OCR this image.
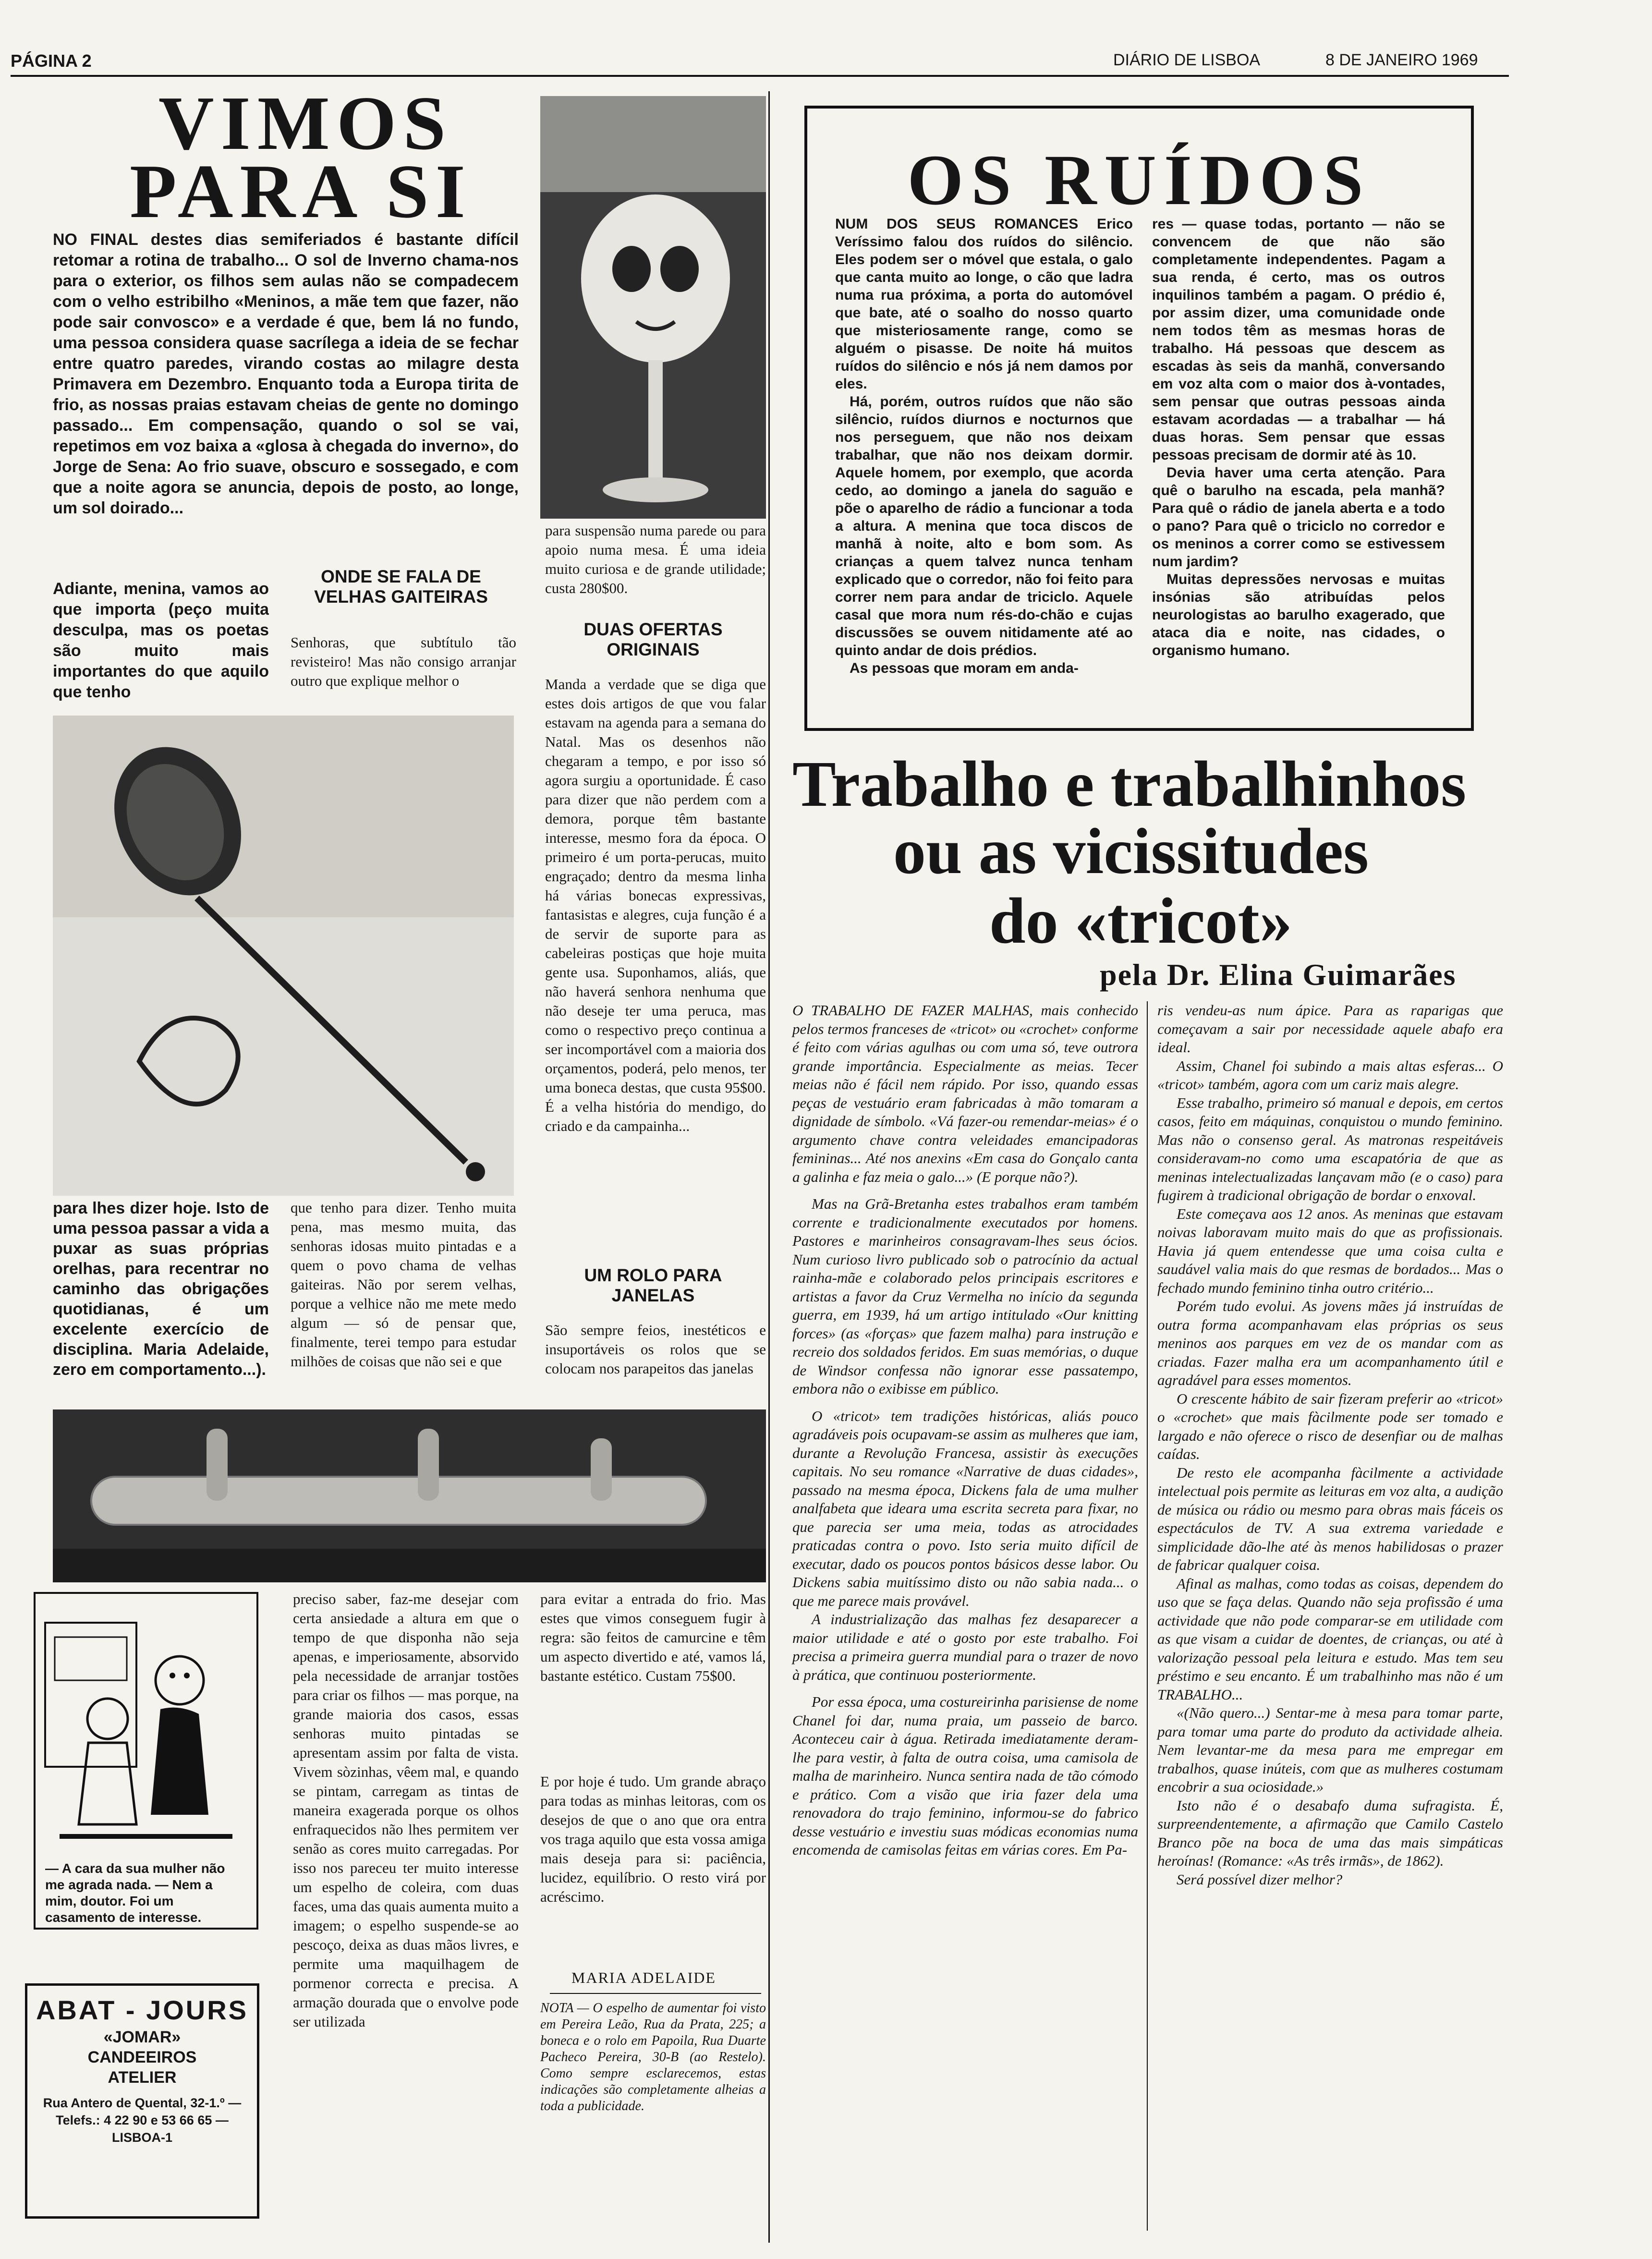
PÁGINA 2	DIÁRIO DE LISBOA	8 DE JANEIRO 1969
VIMOS
PARA SI
NO FINAL destes dias semiferiados é bastante difícil retomar a rotina de trabalho... O sol de Inverno chama-nos para o exterior, os filhos sem aulas não se compadecem com o velho estribilho «Meninos, a mãe tem que fazer, não pode sair convosco» e a verdade é que, bem lá no fundo, uma pessoa considera quase sacrílega a ideia de se fechar entre quatro paredes, virando costas ao milagre desta Primavera em Dezembro. Enquanto toda a Europa tirita de frio, as nossas praias estavam cheias de gente no domingo passado... Em compensação, quando o sol se vai, repetimos em voz baixa a «glosa à chegada do inverno», do Jorge de Sena: Ao frio suave, obscuro e sossegado, e com que a noite agora se anuncia, depois de posto, ao longe, um sol doirado...
Adiante, menina, vamos ao que importa (peço muita desculpa, mas os poetas são muito mais importantes do que aquilo que tenho
ONDE SE FALA DE VELHAS GAITEIRAS
Senhoras, que subtítulo tão revisteiro! Mas não consigo arranjar outro que explique melhor o
para lhes dizer hoje. Isto de uma pessoa passar a vida a puxar as suas próprias orelhas, para recentrar no caminho das obrigações quotidianas, é um excelente exercício de disciplina. Maria Adelaide, zero em comportamento...).
que tenho para dizer. Tenho muita pena, mas mesmo muita, das senhoras idosas muito pintadas e a quem o povo chama de velhas gaiteiras. Não por serem velhas, porque a velhice não me mete medo algum — só de pensar que, finalmente, terei tempo para estudar milhões de coisas que não sei e que
para suspensão numa parede ou para apoio numa mesa. É uma ideia muito curiosa e de grande utilidade; custa 280$00.
DUAS OFERTAS ORIGINAIS
Manda a verdade que se diga que estes dois artigos de que vou falar estavam na agenda para a semana do Natal. Mas os desenhos não chegaram a tempo, e por isso só agora surgiu a oportunidade. É caso para dizer que não perdem com a demora, porque têm bastante interesse, mesmo fora da época. O primeiro é um porta-perucas, muito engraçado; dentro da mesma linha há várias bonecas expressivas, fantasistas e alegres, cuja função é a de servir de suporte para as cabeleiras postiças que hoje muita gente usa. Suponhamos, aliás, que não haverá senhora nenhuma que não deseje ter uma peruca, mas como o respectivo preço continua a ser incomportável com a maioria dos orçamentos, poderá, pelo menos, ter uma boneca destas, que custa 95$00. É a velha história do mendigo, do criado e da campainha...
UM ROLO PARA JANELAS
São sempre feios, inestéticos e insuportáveis os rolos que se colocam nos parapeitos das janelas
— A cara da sua mulher não me agrada nada. — Nem a mim, doutor. Foi um casamento de interesse.
ABAT - JOURS
«JOMAR»
CANDEEIROS
ATELIER
Rua Antero de Quental, 32-1.º — Telefs.: 4 22 90 e 53 66 65 — LISBOA-1
preciso saber, faz-me desejar com certa ansiedade a altura em que o tempo de que disponha não seja apenas, e imperiosamente, absorvido pela necessidade de arranjar tostões para criar os filhos — mas porque, na grande maioria dos casos, essas senhoras muito pintadas se apresentam assim por falta de vista. Vivem sòzinhas, vêem mal, e quando se pintam, carregam as tintas de maneira exagerada porque os olhos enfraquecidos não lhes permitem ver senão as cores muito carregadas. Por isso nos pareceu ter muito interesse um espelho de coleira, com duas faces, uma das quais aumenta muito a imagem; o espelho suspende-se ao pescoço, deixa as duas mãos livres, e permite uma maquilhagem de pormenor correcta e precisa. A armação dourada que o envolve pode ser utilizada
para evitar a entrada do frio. Mas estes que vimos conseguem fugir à regra: são feitos de camurcine e têm um aspecto divertido e até, vamos lá, bastante estético. Custam 75$00.
E por hoje é tudo. Um grande abraço para todas as minhas leitoras, com os desejos de que o ano que ora entra vos traga aquilo que esta vossa amiga mais deseja para si: paciência, lucidez, equilíbrio. O resto virá por acréscimo.
MARIA ADELAIDE
NOTA — O espelho de aumentar foi visto em Pereira Leão, Rua da Prata, 225; a boneca e o rolo em Papoila, Rua Duarte Pacheco Pereira, 30-B (ao Restelo). Como sempre esclarecemos, estas indicações são completamente alheias a toda a publicidade.
OS RUÍDOS

NUM DOS SEUS ROMANCES Erico Veríssimo falou dos ruídos do silêncio. Eles podem ser o móvel que estala, o galo que canta muito ao longe, o cão que ladra numa rua próxima, a porta do automóvel que bate, até o soalho do nosso quarto que misteriosamente range, como se alguém o pisasse. De noite há muitos ruídos do silêncio e nós já nem damos por eles.

Há, porém, outros ruídos que não são silêncio, ruídos diurnos e nocturnos que nos perseguem, que não nos deixam trabalhar, que não nos deixam dormir. Aquele homem, por exemplo, que acorda cedo, ao domingo a janela do saguão e põe o aparelho de rádio a funcionar a toda a altura. A menina que toca discos de manhã à noite, alto e bom som. As crianças a quem talvez nunca tenham explicado que o corredor, não foi feito para correr nem para andar de triciclo. Aquele casal que mora num rés-do-chão e cujas discussões se ouvem nitidamente até ao quinto andar de dois prédios.

As pessoas que moram em anda-

res — quase todas, portanto — não se convencem de que não são completamente independentes. Pagam a sua renda, é certo, mas os outros inquilinos também a pagam. O prédio é, por assim dizer, uma comunidade onde nem todos têm as mesmas horas de trabalho. Há pessoas que descem as escadas às seis da manhã, conversando em voz alta com o maior dos à-vontades, sem pensar que outras pessoas ainda estavam acordadas — a trabalhar — há duas horas. Sem pensar que essas pessoas precisam de dormir até às 10.

Devia haver uma certa atenção. Para quê o barulho na escada, pela manhã? Para quê o rádio de janela aberta e a todo o pano? Para quê o triciclo no corredor e os meninos a correr como se estivessem num jardim?

Muitas depressões nervosas e muitas insónias são atribuídas pelos neurologistas ao barulho exagerado, que ataca dia e noite, nas cidades, o organismo humano.

Trabalho e trabalhinhos
ou as vicissitudes
do «tricot»
pela Dr. Elina Guimarães

O TRABALHO DE FAZER MALHAS, mais conhecido pelos termos franceses de «tricot» ou «crochet» conforme é feito com várias agulhas ou com uma só, teve outrora grande importância. Especialmente as meias. Tecer meias não é fácil nem rápido. Por isso, quando essas peças de vestuário eram fabricadas à mão tomaram a dignidade de símbolo. «Vá fazer-ou remendar-meias» é o argumento chave contra veleidades emancipadoras femininas... Até nos anexins «Em casa do Gonçalo canta a galinha e faz meia o galo...» (E porque não?).

Mas na Grã-Bretanha estes trabalhos eram também corrente e tradicionalmente executados por homens. Pastores e marinheiros consagravam-lhes seus ócios. Num curioso livro publicado sob o patrocínio da actual rainha-mãe e colaborado pelos principais escritores e artistas a favor da Cruz Vermelha no início da segunda guerra, em 1939, há um artigo intitulado «Our knitting forces» (as «forças» que fazem malha) para instrução e recreio dos soldados feridos. Em suas memórias, o duque de Windsor confessa não ignorar esse passatempo, embora não o exibisse em público.

O «tricot» tem tradições históricas, aliás pouco agradáveis pois ocupavam-se assim as mulheres que iam, durante a Revolução Francesa, assistir às execuções capitais. No seu romance «Narrative de duas cidades», passado na mesma época, Dickens fala de uma mulher analfabeta que ideara uma escrita secreta para fixar, no que parecia ser uma meia, todas as atrocidades praticadas contra o povo. Isto seria muito difícil de executar, dado os poucos pontos básicos desse labor. Ou Dickens sabia muitíssimo disto ou não sabia nada... o que me parece mais provável.

A industrialização das malhas fez desaparecer a maior utilidade e até o gosto por este trabalho. Foi precisa a primeira guerra mundial para o trazer de novo à prática, que continuou posteriormente.

Por essa época, uma costureirinha parisiense de nome Chanel foi dar, numa praia, um passeio de barco. Aconteceu cair à água. Retirada imediatamente deram-lhe para vestir, à falta de outra coisa, uma camisola de malha de marinheiro. Nunca sentira nada de tão cómodo e prático. Com a visão que iria fazer dela uma renovadora do trajo feminino, informou-se do fabrico desse vestuário e investiu suas módicas economias numa encomenda de camisolas feitas em várias cores. Em Pa-

ris vendeu-as num ápice. Para as raparigas que começavam a sair por necessidade aquele abafo era ideal.

Assim, Chanel foi subindo a mais altas esferas... O «tricot» também, agora com um cariz mais alegre.

Esse trabalho, primeiro só manual e depois, em certos casos, feito em máquinas, conquistou o mundo feminino. Mas não o consenso geral. As matronas respeitáveis consideravam-no como uma escapatória de que as meninas intelectualizadas lançavam mão (e o caso) para fugirem à tradicional obrigação de bordar o enxoval.

Este começava aos 12 anos. As meninas que estavam noivas laboravam muito mais do que as profissionais. Havia já quem entendesse que uma coisa culta e saudável valia mais do que resmas de bordados... Mas o fechado mundo feminino tinha outro critério...

Porém tudo evolui. As jovens mães já instruídas de outra forma acompanhavam elas próprias os seus meninos aos parques em vez de os mandar com as criadas. Fazer malha era um acompanhamento útil e agradável para esses momentos.

O crescente hábito de sair fizeram preferir ao «tricot» o «crochet» que mais fàcilmente pode ser tomado e largado e não oferece o risco de desenfiar ou de malhas caídas.

De resto ele acompanha fàcilmente a actividade intelectual pois permite as leituras em voz alta, a audição de música ou rádio ou mesmo para obras mais fáceis os espectáculos de TV. A sua extrema variedade e simplicidade dão-lhe até às menos habilidosas o prazer de fabricar qualquer coisa.

Afinal as malhas, como todas as coisas, dependem do uso que se faça delas. Quando não seja profissão é uma actividade que não pode comparar-se em utilidade com as que visam a cuidar de doentes, de crianças, ou até à valorização pessoal pela leitura e estudo. Mas tem seu préstimo e seu encanto. É um trabalhinho mas não é um TRABALHO...

«(Não quero...) Sentar-me à mesa para tomar parte, para tomar uma parte do produto da actividade alheia. Nem levantar-me da mesa para me empregar em trabalhos, quase inúteis, com que as mulheres costumam encobrir a sua ociosidade.»

Isto não é o desabafo duma sufragista. É, surpreendentemente, a afirmação que Camilo Castelo Branco põe na boca de uma das mais simpáticas heroínas! (Romance: «As três irmãs», de 1862).

Será possível dizer melhor?
